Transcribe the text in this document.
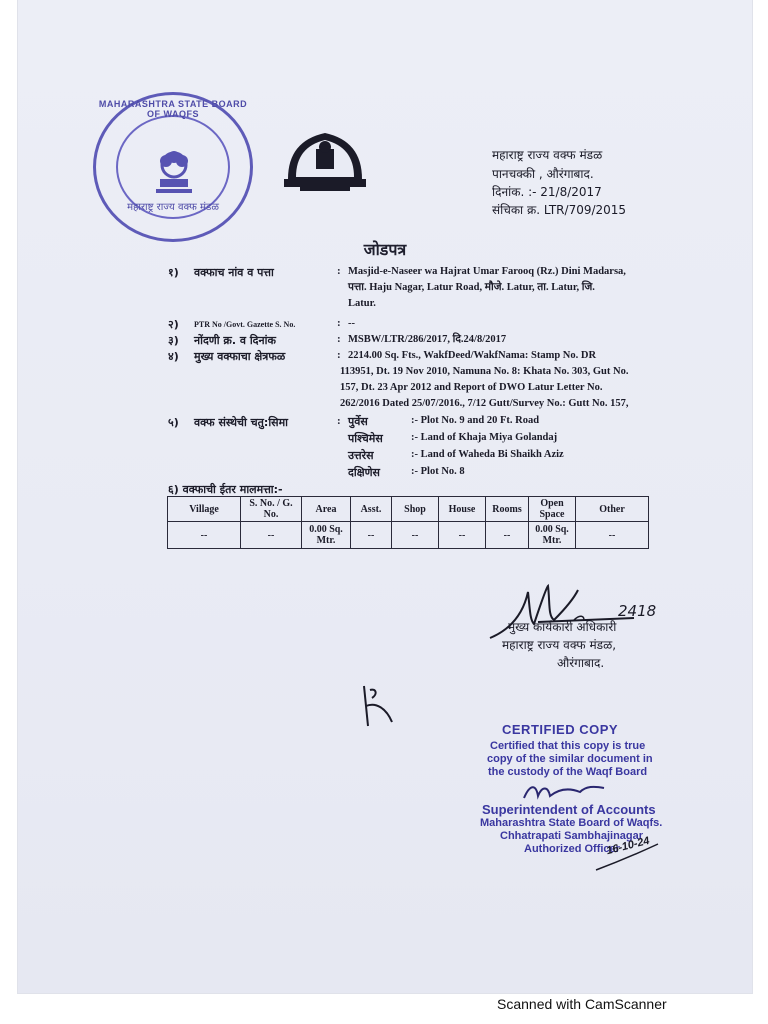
MAHARASHTRA STATE BOARD OF WAQFS
महाराष्ट्र राज्य वक्फ मंडळ
महाराष्ट्र राज्य वक्फ मंडळ
पानचक्की , औरंगाबाद.
दिनांक. :- 21/8/2017
संचिका क्र. LTR/709/2015
जोडपत्र
१) वक्फाच नांव व पत्ता	: Masjid-e-Naseer wa Hajrat Umar Farooq (Rz.) Dini Madarsa,
पत्ता. Haju Nagar, Latur Road, मौजे. Latur, ता. Latur, जि.
Latur.
२) PTR No /Govt. Gazette S. No.	: --
३) नोंदणी क्र. व दिनांक	: MSBW/LTR/286/2017, दि.24/8/2017
४) मुख्य वक्फाचा क्षेत्रफळ	: 2214.00 Sq. Fts., WakfDeed/WakfNama: Stamp No. DR
113951, Dt. 19 Nov 2010, Namuna No. 8: Khata No. 303, Gut No.
157, Dt. 23 Apr 2012 and Report of DWO Latur Letter No.
262/2016 Dated 25/07/2016., 7/12 Gutt/Survey No.: Gutt No. 157,
५) वक्फ संस्थेची चतु:सिमा	: पुर्वेस	:- Plot No. 9 and 20 Ft. Road
पश्चिमेस	:- Land of Khaja Miya Golandaj
उत्तरेस	:- Land of Waheda Bi Shaikh Aziz
दक्षिणेस	:- Plot No. 8
६) वक्फाची ईतर मालमत्ता:-
Village	S. No. / G. No.	Area	Asst.	Shop	House	Rooms	Open Space	Other
--	--	0.00 Sq. Mtr.	--	--	--	--	0.00 Sq. Mtr.	--
2418
मुख्य कार्यकारी अधिकारी
महाराष्ट्र राज्य वक्फ मंडळ,
औरंगाबाद.
CERTIFIED COPY
Certified that this copy is true
copy of the similar document in
the custody of the Waqf Board
Superintendent of Accounts
Maharashtra State Board of Waqfs.
Chhatrapati Sambhajinagar
Authorized Officer
16-10-24
Scanned with CamScanner
